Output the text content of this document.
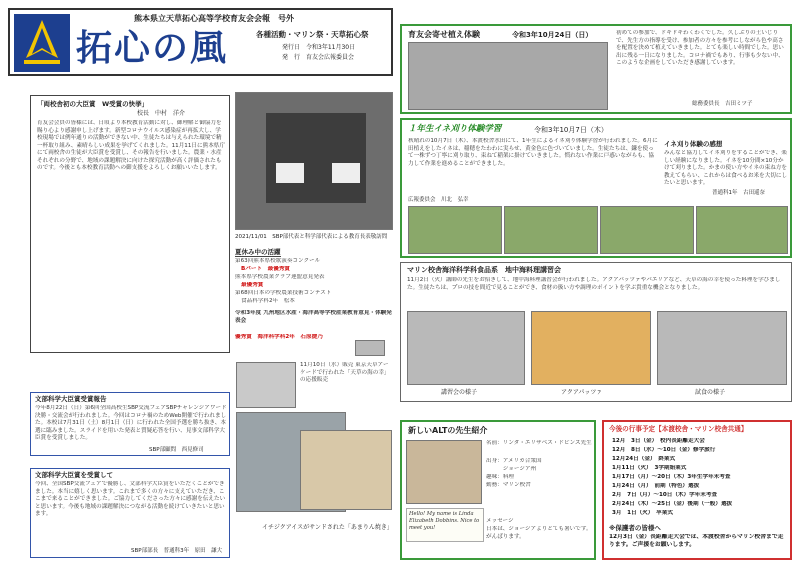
熊本県立天草拓心高等学校育友会会報　号外
拓心の風	各種活動・マリン祭・天草拓心祭
発行日　令和3年11月30日
発　行　育友会広報委員会
「両校舎初の大臣賞　W受賞の快挙」
校長　中村　洋介
育友会会員の皆様には、日頃より本校教育活動に対し、御理解と御協力を賜り心より感謝申し上げます。新型コロナウイルス感染症が再拡大し、学校現場では例年通りの活動ができない中、生徒たちは与えられた環境で精一杯取り組み、素晴らしい成果を挙げてくれました。11月11日に熊本県庁にて両校舎の生徒が大臣賞を受賞し、その報告を行いました。農業・水産それぞれの分野で、地域の課題解決に向けた探究活動が高く評価されたものです。今後とも本校教育活動への御支援をよろしくお願いいたします。
2021/11/01　SBP部代表と科学部代表による教育長表敬訪問
夏休み中の活躍
第63回熊本県校歌演奏コンクール
Bパート　最優秀賞
熊本県学校農業クラブ連盟意見発表
最優秀賞
第68回日本の学校農業技術コンテスト
食品科学科2年　松本
令和3年度 九州地区水産・海洋高等学校産業教育意見・体験発表会
優秀賞　海洋科学科2年　石原捷乃
文部科学大臣賞受賞報告
今年8月22日（日）第6回全国高校生SBP交流フェアSBPチャレンジアワード決勝・交流会が行われました。今回はコロナ禍のためWeb開催で行われました。本校は7月31日（土）8月1日（日）に行われた全国予選を勝ち抜き、本選に臨みました。スライドを用いた発表と質疑応答を行い、見事文部科学大臣賞を受賞しました。
SBP部顧問　西見修司
文部科学大臣賞を受賞して
今回、全国SBP交流フェアで優勝し、文部科学大臣賞をいただくことができました。本当に嬉しく思います。これまで多くの方々に支えていただき、ここまで来ることができました。ご協力してくださった方々に感謝を伝えたいと思います。今後も地域の課題解決につながる活動を続けていきたいと思います。
SBP部部長　普通科3年　原田　謙大
11月10日（水）販売 東京天草アーケードで行われた「天草の海の幸」の応援販売
イチジクアイスがサンドされた「あまりん焼き」
育友会寄せ植え体験	令和3年10月24日（日）	初めての参加で、ドキドキわくわくでした。久しぶりの土いじりで、先生方の指導を受け、参加者の方々を参考にしながら色や高さを配置を決めて植えていきました。とても楽しい時間でした。思い出に残る一日になりました。コロナ禍でもあり、行事も少ない中、このような企画をしていただき感謝しています。
総務委員長　吉田ミツ子
１年生イネ刈り体験学習	令和3年10月7日（木）
秋晴れの10月7日（木）、本渡校舎水田にて、1年生によるイネ刈り体験学習が行われました。6月に田植えをしたイネは、稲穂をたわわに実らせ、黄金色に色づいていました。生徒たちは、鎌を使って一株ずつ丁寧に刈り取り、束ねて稲架に掛けていきました。慣れない作業に戸惑いながらも、協力して作業を進めることができました。
広報委員会　川北　弘幸
イネ刈り体験の感想
みんなと協力してイネ刈りをすることができ、楽しい経験になりました。イネを10分間×10分かけて刈りました。かまの使い方やイネの束ね方を教えてもらい、これからは食べるお米を大切にしたいと思います。
普通科1年　古田遥奈
マリン校舎海洋科学科食品系　地中海料理講習会
11月2日（火）講師の先生をお招きして、地中海料理講習会が行われました。アクアパッツァやパエリアなど、天草の海の幸を使った料理を学びました。生徒たちは、プロの技を間近で見ることができ、食材の扱い方や調理のポイントを学ぶ貴重な機会となりました。
講習会の様子	アクアパッツァ	試食の様子
新しいALTの先生紹介
名前：リンダ・エリザベス・ドビンズ先生
出身：アメリカ合衆国
　　　ジョージア州
趣味：料理
勤務：マリン校舎
Hello! My name is Linda Elizabeth Dobbins. Nice to meet you!
メッセージ
日本は、ジョージアよりとても暑いです。がんばります。
今後の行事予定【本渡校舎・マリン校舎共通】
12月　3日（金）　校内長距離走大会
12月　8日（水）〜10日（金）修学旅行
12月24日（金）　終業式
1月11日（火）　3学期始業式
1月17日（月）〜20日（木）3年生学年末考査
1月24日（月）　前期（特色）選抜
2月　7日（月）〜10日（木）学年末考査
2月24日（木）〜25日（金）後期（一般）選抜
3月　1日（火）　卒業式
※保護者の皆様へ
12月3日（金）長距離走大会では、本渡校舎からマリン校舎まで走ります。ご声援をお願いします。
